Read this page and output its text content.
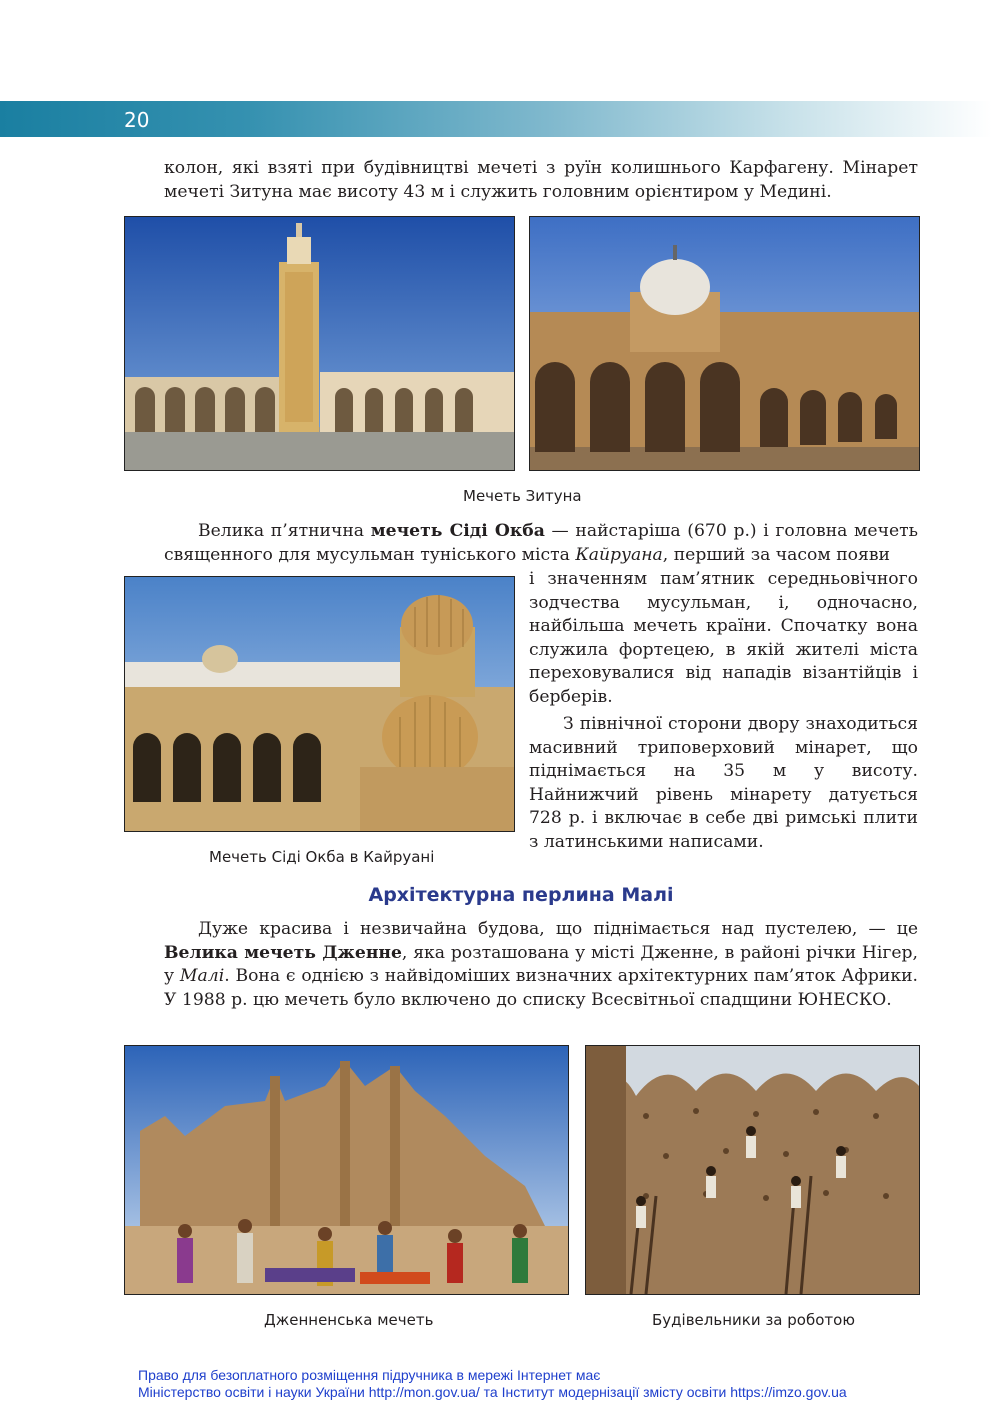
20

колон, які взяті при будівництві мечеті з руїн колишнього Карфагену. Мінарет мечеті Зитуна має висоту 43 м і служить головним орієнтиром у Медині.

Мечеть Зитуна

Велика п’ятнична мечеть Сіді Окба — найстаріша (670 р.) і головна мечеть священного для мусульман туніського міста Кайруана, перший за часом появи

і значенням пам’ятник середньовічного зодчества мусульман, і, одночасно, найбільша мечеть країни. Спочатку вона служила фортецею, в якій жителі міста переховувалися від нападів візантійців і берберів.

З північної сторони двору знаходиться масивний триповерховий мінарет, що піднімається на 35 м у висоту. Найнижчий рівень мінарету датується 728 р. і включає в себе дві римські плити з латинськими написами.

Мечеть Сіді Окба в Кайруані
Архітектурна перлина Малі

Дуже красива і незвичайна будова, що піднімається над пустелею, — це Велика мечеть Дженне, яка розташована у місті Дженне, в районі річки Нігер, у Малі. Вона є однією з найвідоміших визначних архітектурних пам’яток Африки. У 1988 р. цю мечеть було включено до списку Всесвітньої спадщини ЮНЕСКО.

Дженненська мечеть	Будівельники за роботою
Право для безоплатного розміщення підручника в мережі Інтернет має
Міністерство освіти і науки України http://mon.gov.ua/ та Інститут модернізації змісту освіти https://imzo.gov.ua
